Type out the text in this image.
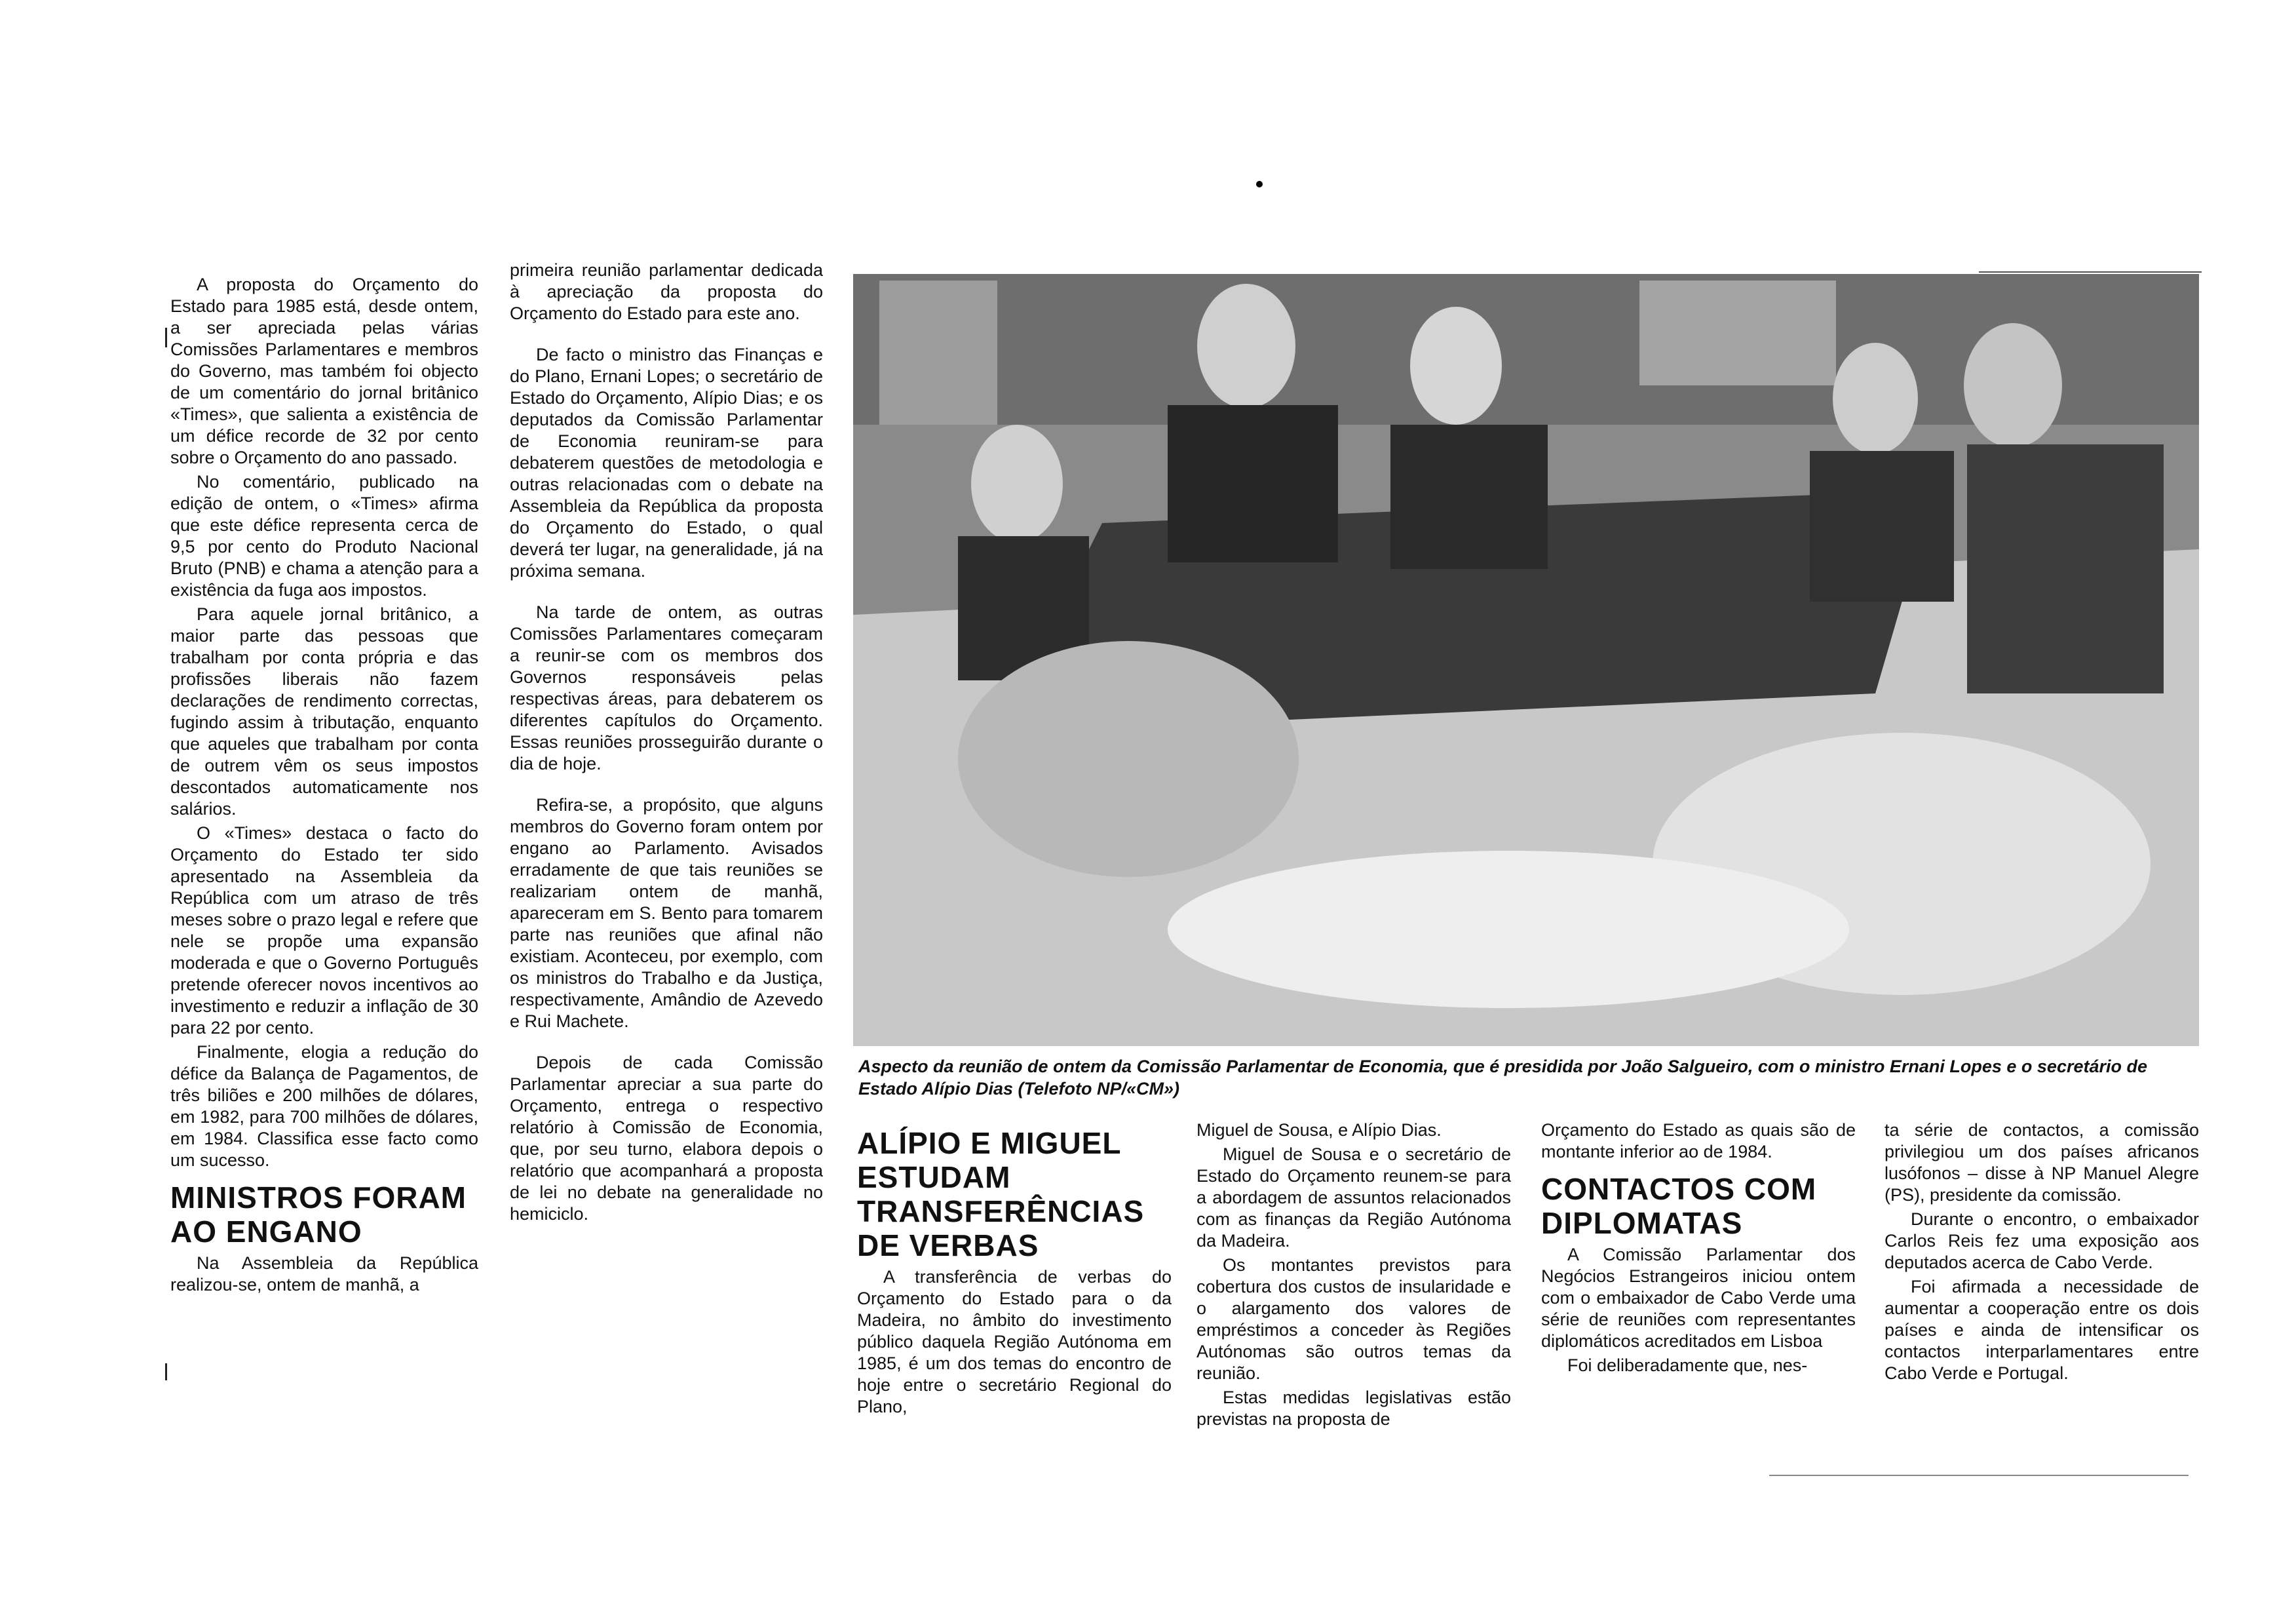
A proposta do Orçamento do Estado para 1985 está, desde ontem, a ser apreciada pelas várias Comissões Parlamentares e membros do Governo, mas também foi objecto de um comentário do jornal britânico «Times», que salienta a existência de um défice recorde de 32 por cento sobre o Orçamento do ano passado.

No comentário, publicado na edição de ontem, o «Times» afirma que este défice representa cerca de 9,5 por cento do Produto Nacional Bruto (PNB) e chama a atenção para a existência da fuga aos impostos.

Para aquele jornal britânico, a maior parte das pessoas que trabalham por conta própria e das profissões liberais não fazem declarações de rendimento correctas, fugindo assim à tributação, enquanto que aqueles que trabalham por conta de outrem vêm os seus impostos descontados automaticamente nos salários.

O «Times» destaca o facto do Orçamento do Estado ter sido apresentado na Assembleia da República com um atraso de três meses sobre o prazo legal e refere que nele se propõe uma expansão moderada e que o Governo Português pretende oferecer novos incentivos ao investimento e reduzir a inflação de 30 para 22 por cento.

Finalmente, elogia a redução do défice da Balança de Pagamentos, de três biliões e 200 milhões de dólares, em 1982, para 700 milhões de dólares, em 1984. Classifica esse facto como um sucesso.

MINISTROS FORAM AO ENGANO

Na Assembleia da República realizou-se, ontem de manhã, a

primeira reunião parlamentar dedicada à apreciação da proposta do Orçamento do Estado para este ano.

De facto o ministro das Finanças e do Plano, Ernani Lopes; o secretário de Estado do Orçamento, Alípio Dias; e os deputados da Comissão Parlamentar de Economia reuniram-se para debaterem questões de metodologia e outras relacionadas com o debate na Assembleia da República da proposta do Orçamento do Estado, o qual deverá ter lugar, na generalidade, já na próxima semana.

Na tarde de ontem, as outras Comissões Parlamentares começaram a reunir-se com os membros dos Governos responsáveis pelas respectivas áreas, para debaterem os diferentes capítulos do Orçamento. Essas reuniões prosseguirão durante o dia de hoje.

Refira-se, a propósito, que alguns membros do Governo foram ontem por engano ao Parlamento. Avisados erradamente de que tais reuniões se realizariam ontem de manhã, apareceram em S. Bento para tomarem parte nas reuniões que afinal não existiam. Aconteceu, por exemplo, com os ministros do Trabalho e da Justiça, respectivamente, Amândio de Azevedo e Rui Machete.

Depois de cada Comissão Parlamentar apreciar a sua parte do Orçamento, entrega o respectivo relatório à Comissão de Economia, que, por seu turno, elabora depois o relatório que acompanhará a proposta de lei no debate na generalidade no hemiciclo.

Aspecto da reunião de ontem da Comissão Parlamentar de Economia, que é presidida por João Salgueiro, com o ministro Ernani Lopes e o secretário de Estado Alípio Dias (Telefoto NP/«CM»)
ALÍPIO E MIGUEL ESTUDAM TRANSFERÊNCIAS DE VERBAS

A transferência de verbas do Orçamento do Estado para o da Madeira, no âmbito do investimento público daquela Região Autónoma em 1985, é um dos temas do encontro de hoje entre o secretário Regional do Plano,

Miguel de Sousa, e Alípio Dias.

Miguel de Sousa e o secretário de Estado do Orçamento reunem-se para a abordagem de assuntos relacionados com as finanças da Região Autónoma da Madeira.

Os montantes previstos para cobertura dos custos de insularidade e o alargamento dos valores de empréstimos a conceder às Regiões Autónomas são outros temas da reunião.

Estas medidas legislativas estão previstas na proposta de

Orçamento do Estado as quais são de montante inferior ao de 1984.

CONTACTOS COM DIPLOMATAS

A Comissão Parlamentar dos Negócios Estrangeiros iniciou ontem com o embaixador de Cabo Verde uma série de reuniões com representantes diplomáticos acreditados em Lisboa

Foi deliberadamente que, nes-

ta série de contactos, a comissão privilegiou um dos países africanos lusófonos – disse à NP Manuel Alegre (PS), presidente da comissão.

Durante o encontro, o embaixador Carlos Reis fez uma exposição aos deputados acerca de Cabo Verde.

Foi afirmada a necessidade de aumentar a cooperação entre os dois países e ainda de intensificar os contactos interparlamentares entre Cabo Verde e Portugal.
